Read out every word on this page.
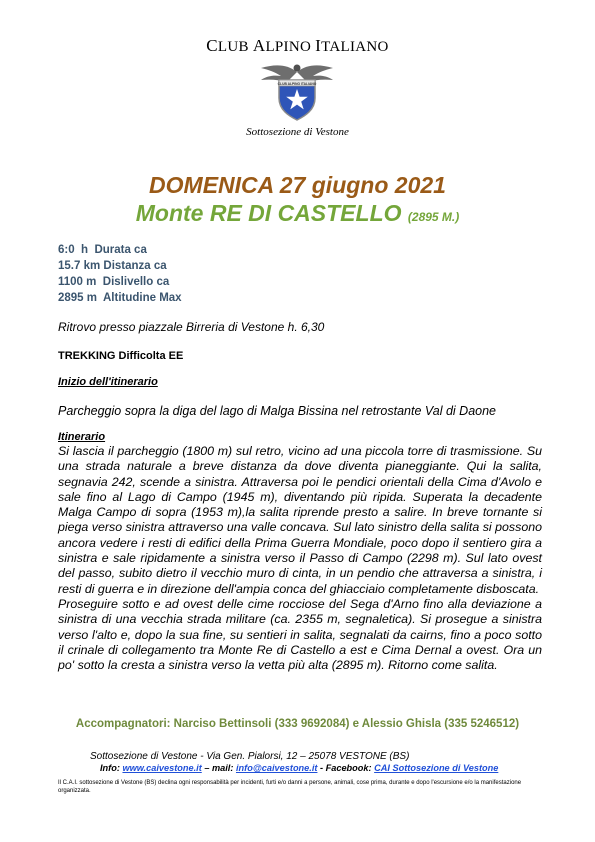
CLUB ALPINO ITALIANO
CLUB ALPINO ITALIANO
Sottosezione di Vestone
DOMENICA 27 giugno 2021
Monte RE DI CASTELLO (2895 M.)
6:0  h  Durata ca
15.7 km Distanza ca
1100 m  Dislivello ca
2895 m  Altitudine Max
Ritrovo presso piazzale Birreria di Vestone h. 6,30
TREKKING Difficolta EE
Inizio dell'itinerario
Parcheggio sopra la diga del lago di Malga Bissina nel retrostante Val di Daone
Itinerario

Si lascia il parcheggio (1800 m) sul retro, vicino ad una piccola torre di trasmissione. Su una strada naturale a breve distanza da dove diventa pianeggiante. Qui la salita, segnavia 242, scende a sinistra. Attraversa poi le pendici orientali della Cima d'Avolo e sale fino al Lago di Campo (1945 m), diventando più ripida. Superata la decadente Malga Campo di sopra (1953 m),la salita riprende presto a salire. In breve tornante si piega verso sinistra attraverso una valle concava. Sul lato sinistro della salita si possono ancora vedere i resti di edifici della Prima Guerra Mondiale, poco dopo il sentiero gira a sinistra e sale ripidamente a sinistra verso il Passo di Campo (2298 m). Sul lato ovest del passo, subito dietro il vecchio muro di cinta, in un pendio che attraversa a sinistra, i resti di guerra e in direzione dell'ampia conca del ghiacciaio completamente disboscata.

Proseguire sotto e ad ovest delle cime rocciose del Sega d'Arno fino alla deviazione a sinistra di una vecchia strada militare (ca. 2355 m, segnaletica). Si prosegue a sinistra verso l'alto e, dopo la sua fine, su sentieri in salita, segnalati da cairns, fino a poco sotto il crinale di collegamento tra Monte Re di Castello a est e Cima Dernal a ovest. Ora un po' sotto la cresta a sinistra verso la vetta più alta (2895 m). Ritorno come salita.

Accompagnatori: Narciso Bettinsoli (333 9692084) e Alessio Ghisla (335 5246512)
Sottosezione di Vestone - Via Gen. Pialorsi, 12 – 25078 VESTONE (BS)
Info: www.caivestone.it – mail: info@caivestone.it - Facebook: CAI Sottosezione di Vestone
Il C.A.I. sottosezione di Vestone (BS) declina ogni responsabilità per incidenti, furti e/o danni a persone, animali, cose prima, durante e dopo l'escursione e/o la manifestazione organizzata.
